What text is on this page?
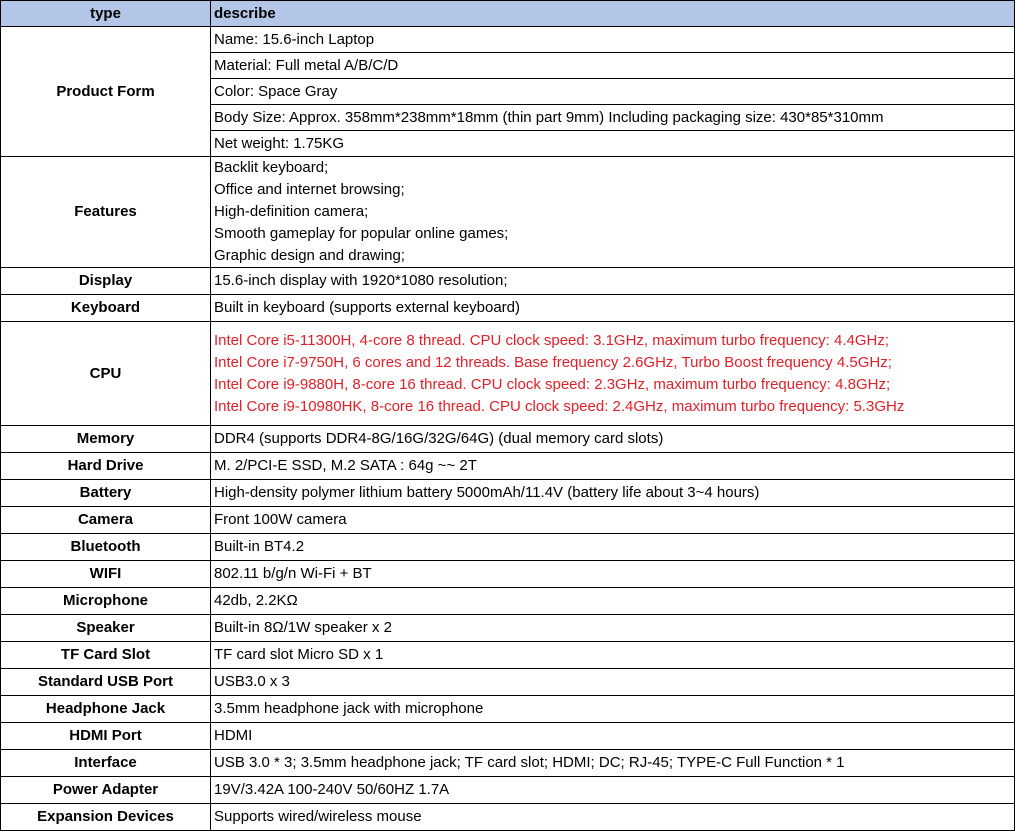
type	describe
Product Form	Name: 15.6-inch Laptop
	Material: Full metal A/B/C/D
	Color: Space Gray
	Body Size: Approx. 358mm*238mm*18mm (thin part 9mm) Including packaging size: 430*85*310mm
	Net weight: 1.75KG
Features	Backlit keyboard;
Office and internet browsing;
High-definition camera;
Smooth gameplay for popular online games;
Graphic design and drawing;

Display	15.6-inch display with 1920*1080 resolution;
Keyboard	Built in keyboard (supports external keyboard)
CPU	Intel Core i5-11300H, 4-core 8 thread. CPU clock speed: 3.1GHz, maximum turbo frequency: 4.4GHz;
Intel Core i7-9750H, 6 cores and 12 threads. Base frequency 2.6GHz, Turbo Boost frequency 4.5GHz;
Intel Core i9-9880H, 8-core 16 thread. CPU clock speed: 2.3GHz, maximum turbo frequency: 4.8GHz;
Intel Core i9-10980HK, 8-core 16 thread. CPU clock speed: 2.4GHz, maximum turbo frequency: 5.3GHz

Memory	DDR4 (supports DDR4-8G/16G/32G/64G) (dual memory card slots)
Hard Drive	M. 2/PCI-E SSD, M.2 SATA : 64g ~~ 2T
Battery	High-density polymer lithium battery 5000mAh/11.4V (battery life about 3~4 hours)
Camera	Front 100W camera
Bluetooth	Built-in BT4.2
WIFI	802.11 b/g/n Wi-Fi + BT
Microphone	42db, 2.2KΩ
Speaker	Built-in 8Ω/1W speaker x 2
TF Card Slot	TF card slot Micro SD x 1
Standard USB Port	USB3.0 x 3
Headphone Jack	3.5mm headphone jack with microphone
HDMI Port	HDMI
Interface	USB 3.0 * 3; 3.5mm headphone jack; TF card slot; HDMI; DC; RJ-45; TYPE-C Full Function * 1
Power Adapter	19V/3.42A 100-240V 50/60HZ 1.7A
Expansion Devices	Supports wired/wireless mouse
